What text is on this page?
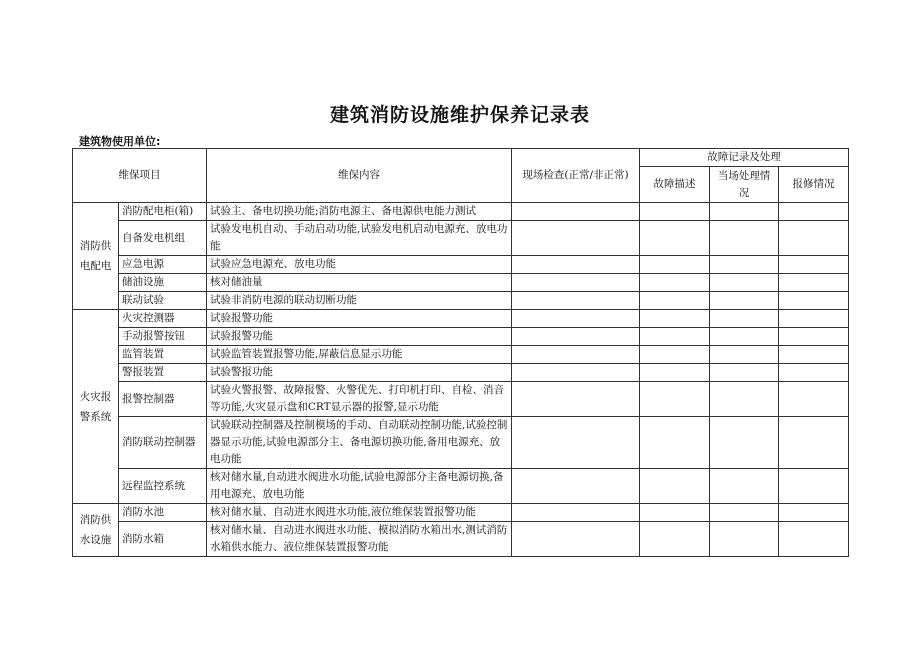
建筑消防设施维护保养记录表
建筑物使用单位:
维保项目		维保内容	现场检查(正常/非正常)	故障记录及处理		
				故障描述	当场处理情况	报修情况
消防供电配电	消防配电柜(箱)	试验主、备电切换功能;消防电源主、备电源供电能力测试				
	自备发电机组	试验发电机自动、手动启动功能,试验发电机启动电源充、放电功能				
	应急电源	试验应急电源充、放电功能				
	储油设施	核对储油量				
	联动试验	试验非消防电源的联动切断功能				
火灾报警系统	火灾控测器	试验报警功能				
	手动报警按钮	试验报警功能				
	监管装置	试验监管装置报警功能,屏蔽信息显示功能				
	警报装置	试验警报功能				
	报警控制器	试验火警报警、故障报警、火警优先、打印机打印、自检、消音等功能,火灾显示盘和CRT显示器的报警,显示功能				
	消防联动控制器	试验联动控制器及控制模场的手动、自动联动控制功能,试验控制器显示功能,试验电源部分主、备电源切换功能,备用电源充、放电功能				
	远程监控系统	核对储水量,自动进水阀进水功能,试验电源部分主备电源切换,备用电源充、放电功能				
消防供水设施	消防水池	核对储水量、自动进水阀进水功能,液位维保装置报警功能				
	消防水箱	核对储水量、自动进水阀进水功能、模拟消防水箱出水,测试消防水箱供水能力、液位维保装置报警功能				
